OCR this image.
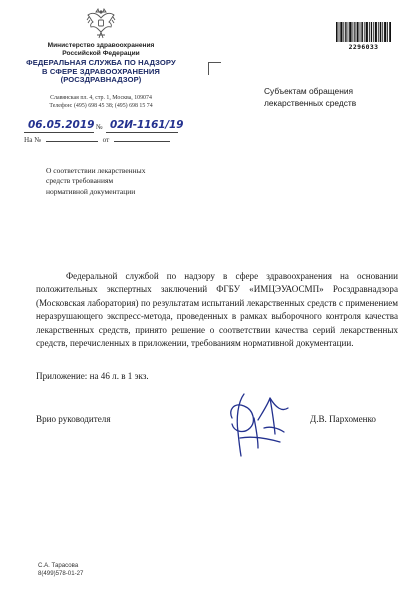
Министерство здравоохранения
Российской Федерации
ФЕДЕРАЛЬНАЯ СЛУЖБА ПО НАДЗОРУ
В СФЕРЕ ЗДРАВООХРАНЕНИЯ
(РОСЗДРАВНАДЗОР)
Славянская пл. 4, стр. 1, Москва, 109074
Телефон: (495) 698 45 38; (495) 698 15 74
2296033
Субъектам обращения
лекарственных средств
06.05.2019 № 02И-1161/19
На №	от
О соответствии лекарственных
средств требованиям
нормативной документации

Федеральной службой по надзору в сфере здравоохранения на основании положительных экспертных заключений ФГБУ «ИМЦЭУАОСМП» Росздравнадзора (Московская лаборатория) по результатам испытаний лекарственных средств с применением неразрушающего экспресс-метода, проведенных в рамках выборочного контроля качества лекарственных средств, принято решение о соответствии качества серий лекарственных средств, перечисленных в приложении, требованиям нормативной документации.

Приложение: на 46 л. в 1 экз.
Врио руководителя	Д.В. Пархоменко
С.А. Тарасова
8(499)578-01-27
